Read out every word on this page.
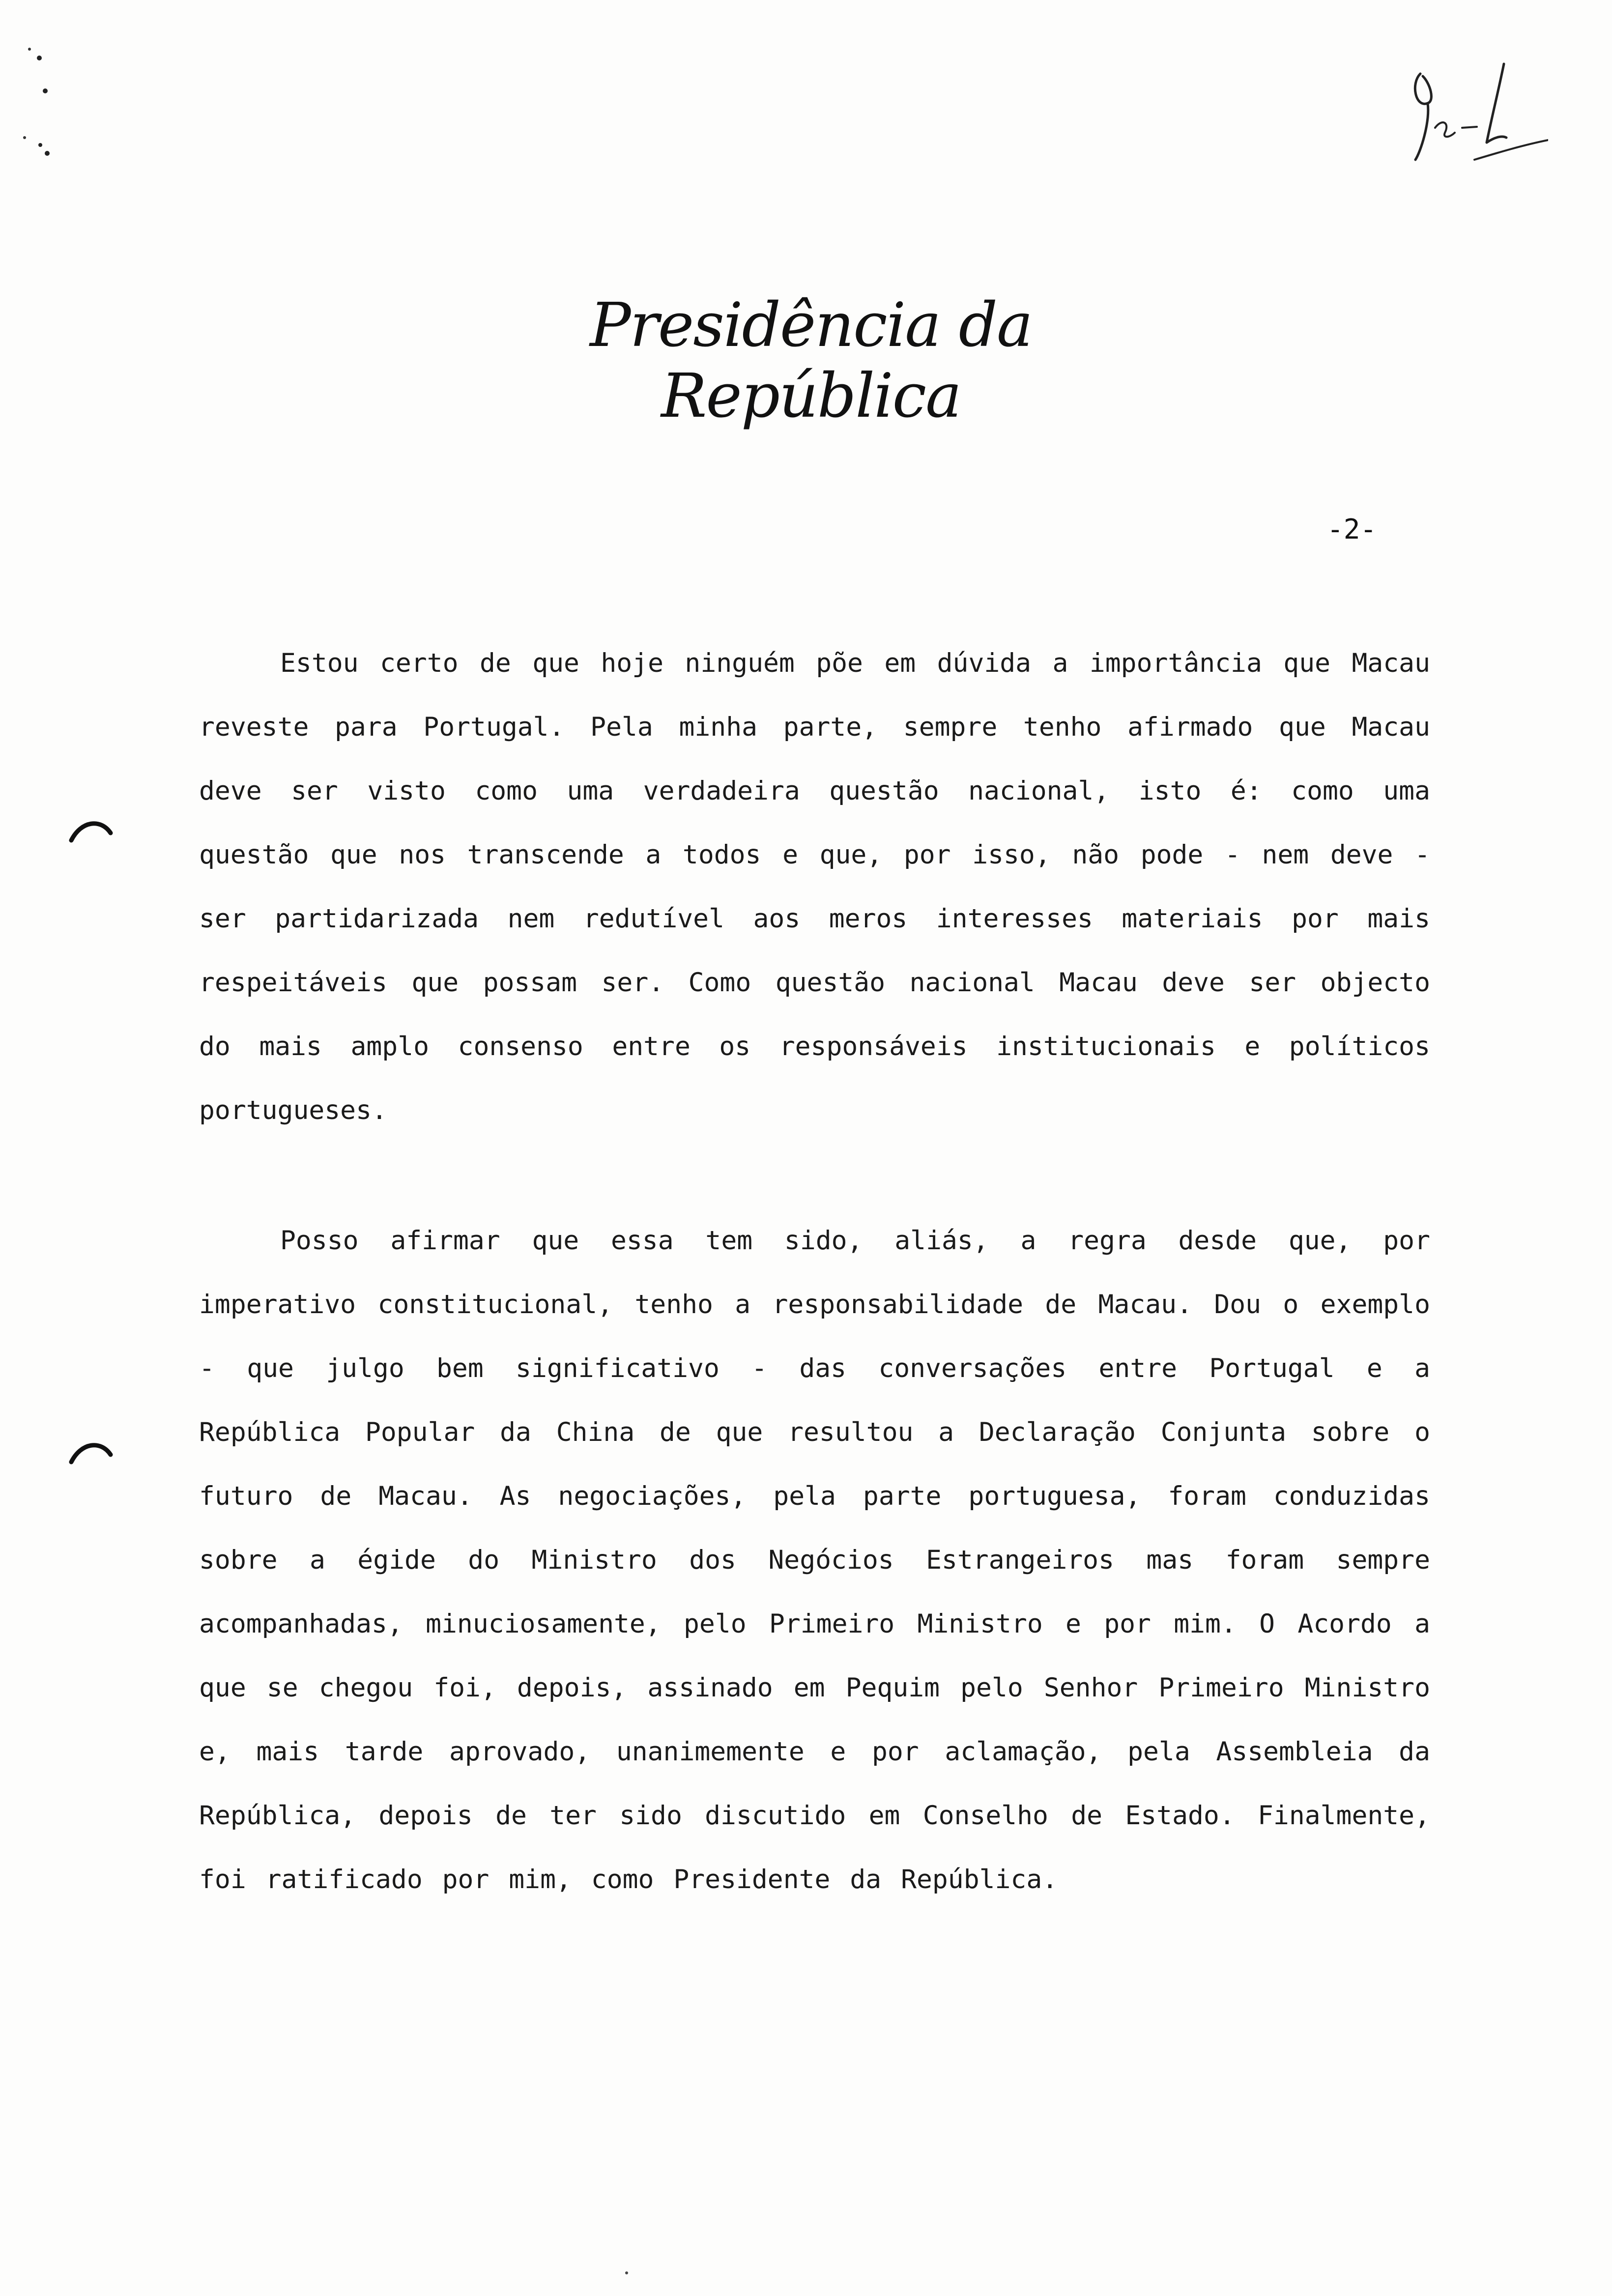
Presidência da República
-2-

Estou certo de que hoje ninguém põe em dúvida a importância que Macau reveste para Portugal. Pela minha parte, sempre tenho afirmado que Macau deve ser visto como uma verdadeira questão nacional, isto é: como uma questão que nos transcende a todos e que, por isso, não pode - nem deve - ser partidarizada nem redutível aos meros interesses materiais por mais respeitáveis que possam ser. Como questão nacional Macau deve ser objecto do mais amplo consenso entre os responsáveis institucionais e políticos portugueses.

Posso afirmar que essa tem sido, aliás, a regra desde que, por imperativo constitucional, tenho a responsabilidade de Macau. Dou o exemplo - que julgo bem significativo - das conversações entre Portugal e a República Popular da China de que resultou a Declaração Conjunta sobre o futuro de Macau. As negociações, pela parte portuguesa, foram conduzidas sobre a égide do Ministro dos Negócios Estrangeiros mas foram sempre acompanhadas, minuciosamente, pelo Primeiro Ministro e por mim. O Acordo a que se chegou foi, depois, assinado em Pequim pelo Senhor Primeiro Ministro e, mais tarde aprovado, unanimemente e por aclamação, pela Assembleia da República, depois de ter sido discutido em Conselho de Estado. Finalmente, foi ratificado por mim, como Presidente da República.
